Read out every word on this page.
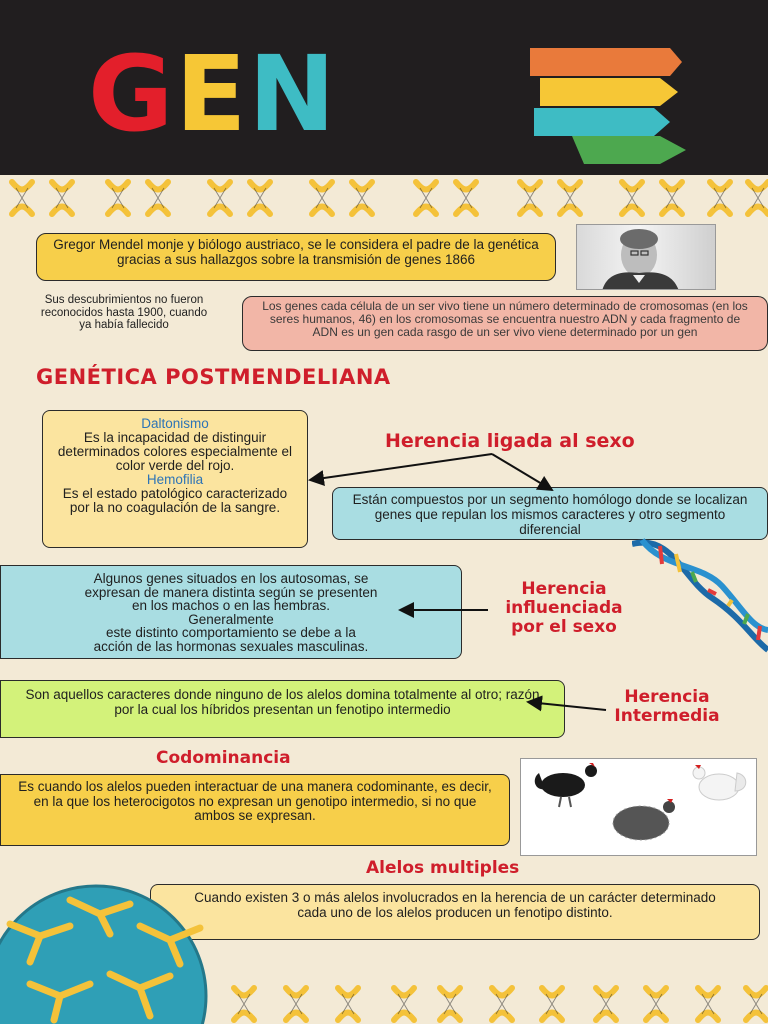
GEN
Gregor Mendel monje y biólogo austriaco, se le considera el padre de la genética gracias a sus hallazgos sobre la transmisión de genes 1866
Sus descubrimientos no fueron reconocidos hasta 1900, cuando ya había fallecido
Los genes cada célula de un ser vivo tiene un número determinado de cromosomas (en los seres humanos, 46) en los cromosomas se encuentra nuestro ADN y cada fragmento de ADN es un gen cada rasgo de un ser vivo viene determinado por un gen
GENÉTICA POSTMENDELIANA
Herencia ligada al sexo
Daltonismo
Es la incapacidad de distinguir determinados colores especialmente el color verde del rojo.
Hemofilia
Es el estado patológico caracterizado por la no coagulación de la sangre.
Están compuestos por un segmento homólogo donde se localizan genes que repulan los mismos caracteres y otro segmento diferencial
Algunos genes situados en los autosomas, se
expresan de manera distinta según se presenten
en los machos o en las hembras.
Generalmente
este distinto comportamiento se debe a la
acción de las hormonas sexuales masculinas.
Herencia
influenciada
por el sexo
Son aquellos caracteres donde ninguno de los alelos domina totalmente al otro; razón por la cual los híbridos presentan un fenotipo intermedio
Herencia
Intermedia
Codominancia
Es cuando los alelos pueden interactuar de una manera codominante, es decir, en la que los heterocigotos no expresan un genotipo intermedio, si no que ambos se expresan.
Alelos multiples
Cuando existen 3 o más alelos involucrados en la herencia de un carácter determinado cada uno de los alelos producen un fenotipo distinto.
